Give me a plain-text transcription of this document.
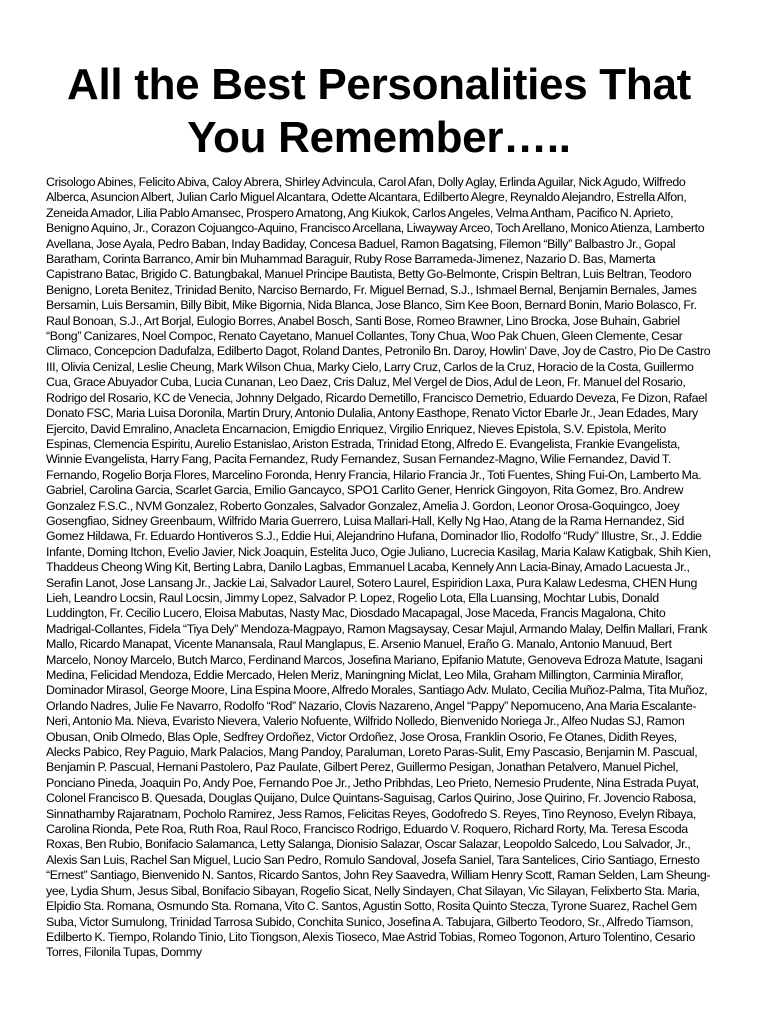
All the Best Personalities That You Remember…..

Crisologo Abines, Felicito Abiva, Caloy Abrera, Shirley Advincula, Carol Afan, Dolly Aglay, Erlinda Aguilar, Nick Agudo, Wilfredo Alberca, Asuncion Albert, Julian Carlo Miguel Alcantara, Odette Alcantara, Edilberto Alegre, Reynaldo Alejandro, Estrella Alfon, Zeneida Amador, Lilia Pablo Amansec, Prospero Amatong, Ang Kiukok, Carlos Angeles, Velma Antham, Pacifico N. Aprieto, Benigno Aquino, Jr., Corazon Cojuangco-Aquino, Francisco Arcellana, Liwayway Arceo, Toch Arellano, Monico Atienza, Lamberto Avellana, Jose Ayala, Pedro Baban, Inday Badiday, Concesa Baduel, Ramon Bagatsing, Filemon “Billy” Balbastro Jr., Gopal Baratham, Corinta Barranco, Amir bin Muhammad Baraguir, Ruby Rose Barrameda-Jimenez, Nazario D. Bas, Mamerta Capistrano Batac, Brigido C. Batungbakal, Manuel Principe Bautista, Betty Go-Belmonte, Crispin Beltran, Luis Beltran, Teodoro Benigno, Loreta Benitez, Trinidad Benito, Narciso Bernardo, Fr. Miguel Bernad, S.J., Ishmael Bernal, Benjamin Bernales, James Bersamin, Luis Bersamin, Billy Bibit, Mike Bigornia, Nida Blanca, Jose Blanco, Sim Kee Boon, Bernard Bonin, Mario Bolasco, Fr. Raul Bonoan, S.J., Art Borjal, Eulogio Borres, Anabel Bosch, Santi Bose, Romeo Brawner, Lino Brocka, Jose Buhain, Gabriel “Bong” Canizares, Noel Compoc, Renato Cayetano, Manuel Collantes, Tony Chua, Woo Pak Chuen, Gleen Clemente, Cesar Climaco, Concepcion Dadufalza, Edilberto Dagot, Roland Dantes, Petronilo Bn. Daroy, Howlin’ Dave, Joy de Castro, Pio De Castro III, Olivia Cenizal, Leslie Cheung, Mark Wilson Chua, Marky Cielo, Larry Cruz, Carlos de la Cruz, Horacio de la Costa, Guillermo Cua, Grace Abuyador Cuba, Lucia Cunanan, Leo Daez, Cris Daluz, Mel Vergel de Dios, Adul de Leon, Fr. Manuel del Rosario, Rodrigo del Rosario, KC de Venecia, Johnny Delgado, Ricardo Demetillo, Francisco Demetrio, Eduardo Deveza, Fe Dizon, Rafael Donato FSC, Maria Luisa Doronila, Martin Drury, Antonio Dulalia, Antony Easthope, Renato Victor Ebarle Jr., Jean Edades, Mary Ejercito, David Emralino, Anacleta Encarnacion, Emigdio Enriquez, Virgilio Enriquez, Nieves Epistola, S.V. Epistola, Merito Espinas, Clemencia Espiritu, Aurelio Estanislao, Ariston Estrada, Trinidad Etong, Alfredo E. Evangelista, Frankie Evangelista, Winnie Evangelista, Harry Fang, Pacita Fernandez, Rudy Fernandez, Susan Fernandez-Magno, Wilie Fernandez, David T. Fernando, Rogelio Borja Flores, Marcelino Foronda, Henry Francia, Hilario Francia Jr., Toti Fuentes, Shing Fui-On, Lamberto Ma. Gabriel, Carolina Garcia, Scarlet Garcia, Emilio Gancayco, SPO1 Carlito Gener, Henrick Gingoyon, Rita Gomez, Bro. Andrew Gonzalez F.S.C., NVM Gonzalez, Roberto Gonzales, Salvador Gonzalez, Amelia J. Gordon, Leonor Orosa-Goquingco, Joey Gosengfiao, Sidney Greenbaum, Wilfrido Maria Guerrero, Luisa Mallari-Hall, Kelly Ng Hao, Atang de la Rama Hernandez, Sid Gomez Hildawa, Fr. Eduardo Hontiveros S.J., Eddie Hui, Alejandrino Hufana, Dominador Ilio, Rodolfo “Rudy” Illustre, Sr., J. Eddie Infante, Doming Itchon, Evelio Javier, Nick Joaquin, Estelita Juco, Ogie Juliano, Lucrecia Kasilag, Maria Kalaw Katigbak, Shih Kien, Thaddeus Cheong Wing Kit, Berting Labra, Danilo Lagbas, Emmanuel Lacaba, Kennely Ann Lacia-Binay, Amado Lacuesta Jr., Serafin Lanot, Jose Lansang Jr., Jackie Lai, Salvador Laurel, Sotero Laurel, Espiridion Laxa, Pura Kalaw Ledesma, CHEN Hung Lieh, Leandro Locsin, Raul Locsin, Jimmy Lopez, Salvador P. Lopez, Rogelio Lota, Ella Luansing, Mochtar Lubis, Donald Luddington, Fr. Cecilio Lucero, Eloisa Mabutas, Nasty Mac, Diosdado Macapagal, Jose Maceda, Francis Magalona, Chito Madrigal-Collantes, Fidela “Tiya Dely” Mendoza-Magpayo, Ramon Magsaysay, Cesar Majul, Armando Malay, Delfin Mallari, Frank Mallo, Ricardo Manapat, Vicente Manansala, Raul Manglapus, E. Arsenio Manuel, Eraño G. Manalo, Antonio Manuud, Bert Marcelo, Nonoy Marcelo, Butch Marco, Ferdinand Marcos, Josefina Mariano, Epifanio Matute, Genoveva Edroza Matute, Isagani Medina, Felicidad Mendoza, Eddie Mercado, Helen Meriz, Maningning Miclat, Leo Mila, Graham Millington, Carminia Miraflor, Dominador Mirasol, George Moore, Lina Espina Moore, Alfredo Morales, Santiago Adv. Mulato, Cecilia Muñoz-Palma, Tita Muñoz, Orlando Nadres, Julie Fe Navarro, Rodolfo “Rod” Nazario, Clovis Nazareno, Angel “Pappy” Nepomuceno, Ana Maria Escalante-Neri, Antonio Ma. Nieva, Evaristo Nievera, Valerio Nofuente, Wilfrido Nolledo, Bienvenido Noriega Jr., Alfeo Nudas SJ, Ramon Obusan, Onib Olmedo, Blas Ople, Sedfrey Ordoñez, Victor Ordoñez, Jose Orosa, Franklin Osorio, Fe Otanes, Didith Reyes, Alecks Pabico, Rey Paguio, Mark Palacios, Mang Pandoy, Paraluman, Loreto Paras-Sulit, Emy Pascasio, Benjamin M. Pascual, Benjamin P. Pascual, Hernani Pastolero, Paz Paulate, Gilbert Perez, Guillermo Pesigan, Jonathan Petalvero, Manuel Pichel, Ponciano Pineda, Joaquin Po, Andy Poe, Fernando Poe Jr., Jetho Pribhdas, Leo Prieto, Nemesio Prudente, Nina Estrada Puyat, Colonel Francisco B. Quesada, Douglas Quijano, Dulce Quintans-Saguisag, Carlos Quirino, Jose Quirino, Fr. Jovencio Rabosa, Sinnathamby Rajaratnam, Pocholo Ramirez, Jess Ramos, Felicitas Reyes, Godofredo S. Reyes, Tino Reynoso, Evelyn Ribaya, Carolina Rionda, Pete Roa, Ruth Roa, Raul Roco, Francisco Rodrigo, Eduardo V. Roquero, Richard Rorty, Ma. Teresa Escoda Roxas, Ben Rubio, Bonifacio Salamanca, Letty Salanga, Dionisio Salazar, Oscar Salazar, Leopoldo Salcedo, Lou Salvador, Jr., Alexis San Luis, Rachel San Miguel, Lucio San Pedro, Romulo Sandoval, Josefa Saniel, Tara Santelices, Cirio Santiago, Ernesto “Ernest” Santiago, Bienvenido N. Santos, Ricardo Santos, John Rey Saavedra, William Henry Scott, Raman Selden, Lam Sheung-yee, Lydia Shum, Jesus Sibal, Bonifacio Sibayan, Rogelio Sicat, Nelly Sindayen, Chat Silayan, Vic Silayan, Felixberto Sta. Maria, Elpidio Sta. Romana, Osmundo Sta. Romana, Vito C. Santos, Agustin Sotto, Rosita Quinto Stecza, Tyrone Suarez, Rachel Gem Suba, Victor Sumulong, Trinidad Tarrosa Subido, Conchita Sunico, Josefina A. Tabujara, Gilberto Teodoro, Sr., Alfredo Tiamson, Edilberto K. Tiempo, Rolando Tinio, Lito Tiongson, Alexis Tioseco, Mae Astrid Tobias, Romeo Togonon, Arturo Tolentino, Cesario Torres, Filonila Tupas, Dommy
